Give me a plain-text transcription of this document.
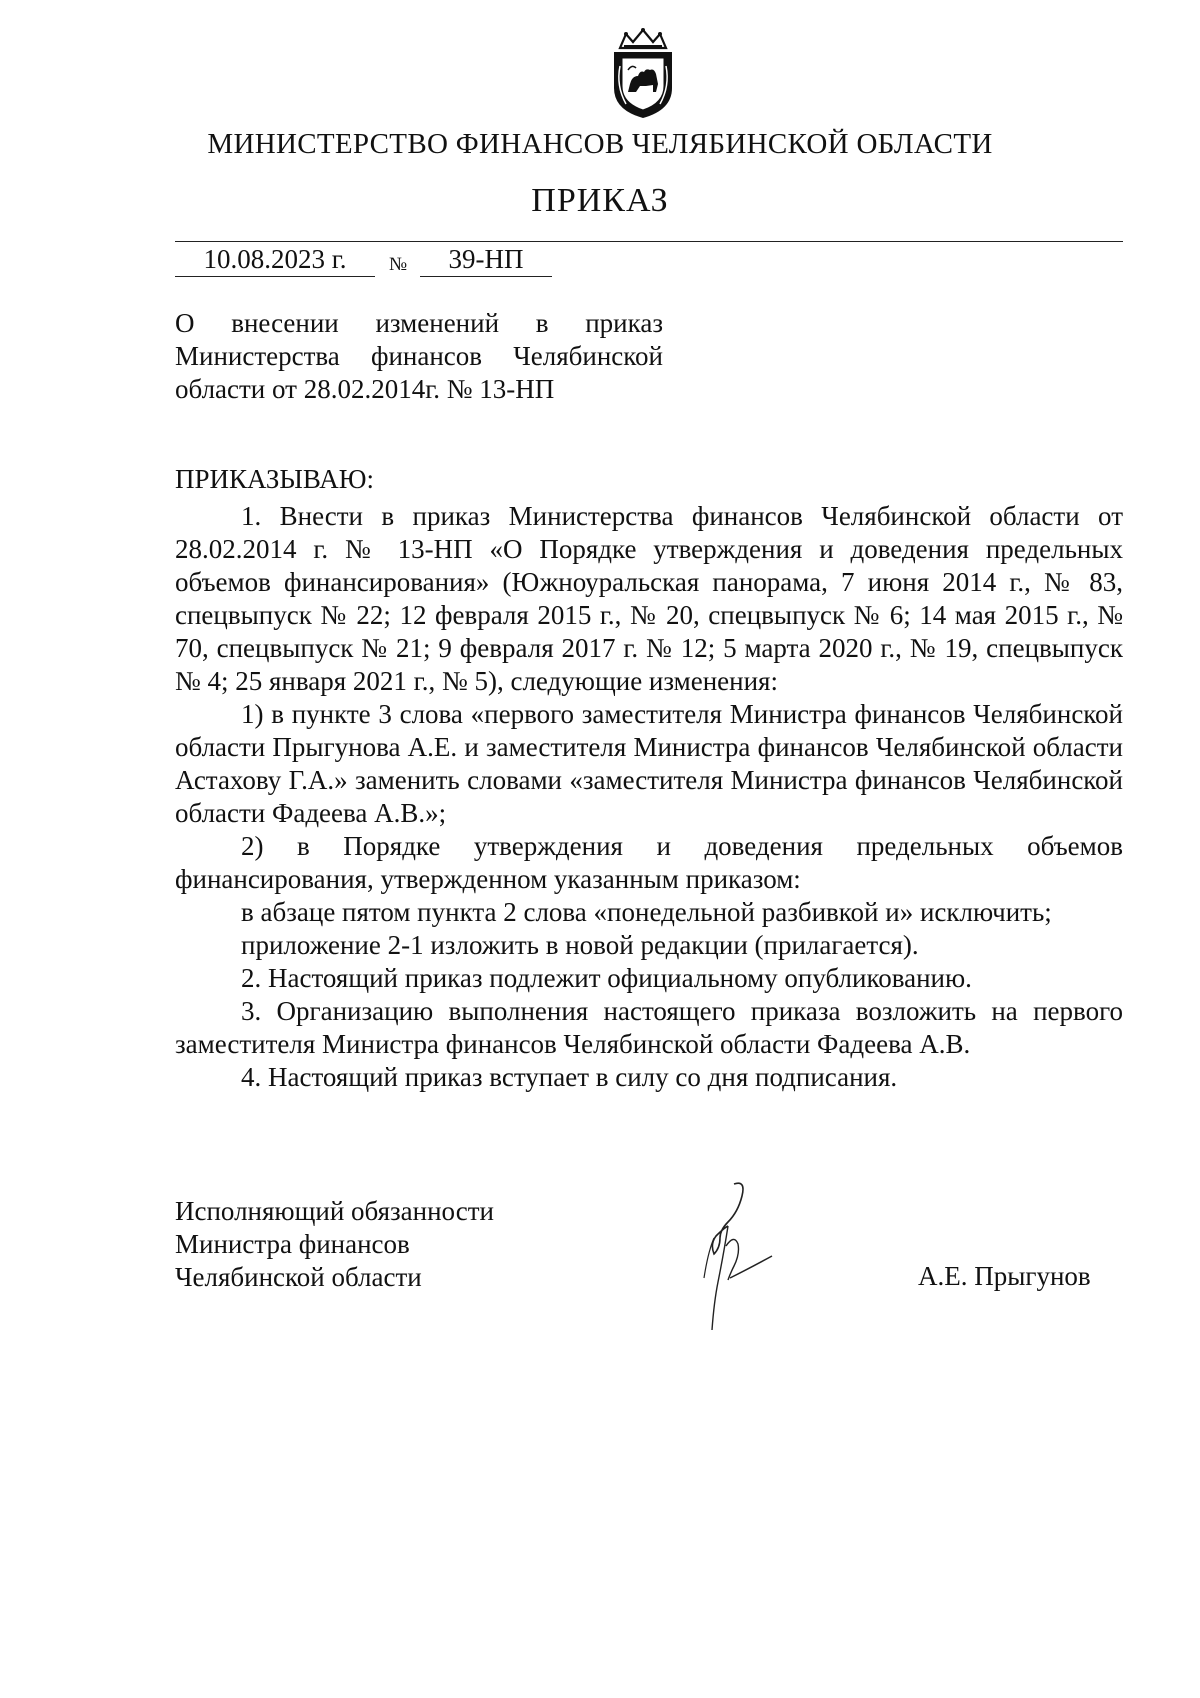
МИНИСТЕРСТВО ФИНАНСОВ ЧЕЛЯБИНСКОЙ ОБЛАСТИ
ПРИКАЗ
10.08.2023 г.	№	39-НП
О внесении изменений в приказ
Министерства финансов Челябинской
области от 28.02.2014г. № 13-НП
ПРИКАЗЫВАЮ:

1. Внести в приказ Министерства финансов Челябинской области от 28.02.2014 г. № 13-НП «О Порядке утверждения и доведения предельных объемов финансирования» (Южноуральская панорама, 7 июня 2014 г., № 83, спецвыпуск № 22; 12 февраля 2015 г., № 20, спецвыпуск № 6; 14 мая 2015 г., № 70, спецвыпуск № 21; 9 февраля 2017 г. № 12; 5 марта 2020 г., № 19, спецвыпуск № 4; 25 января 2021 г., № 5), следующие изменения:

1) в пункте 3 слова «первого заместителя Министра финансов Челябинской области Прыгунова А.Е. и заместителя Министра финансов Челябинской области Астахову Г.А.» заменить словами «заместителя Министра финансов Челябинской области Фадеева А.В.»;

2) в Порядке утверждения и доведения предельных объемов финансирования, утвержденном указанным приказом:

в абзаце пятом пункта 2 слова «понедельной разбивкой и» исключить;

приложение 2-1 изложить в новой редакции (прилагается).

2. Настоящий приказ подлежит официальному опубликованию.

3. Организацию выполнения настоящего приказа возложить на первого заместителя Министра финансов Челябинской области Фадеева А.В.

4. Настоящий приказ вступает в силу со дня подписания.

Исполняющий обязанности
Министра финансов
Челябинской области	А.Е. Прыгунов
